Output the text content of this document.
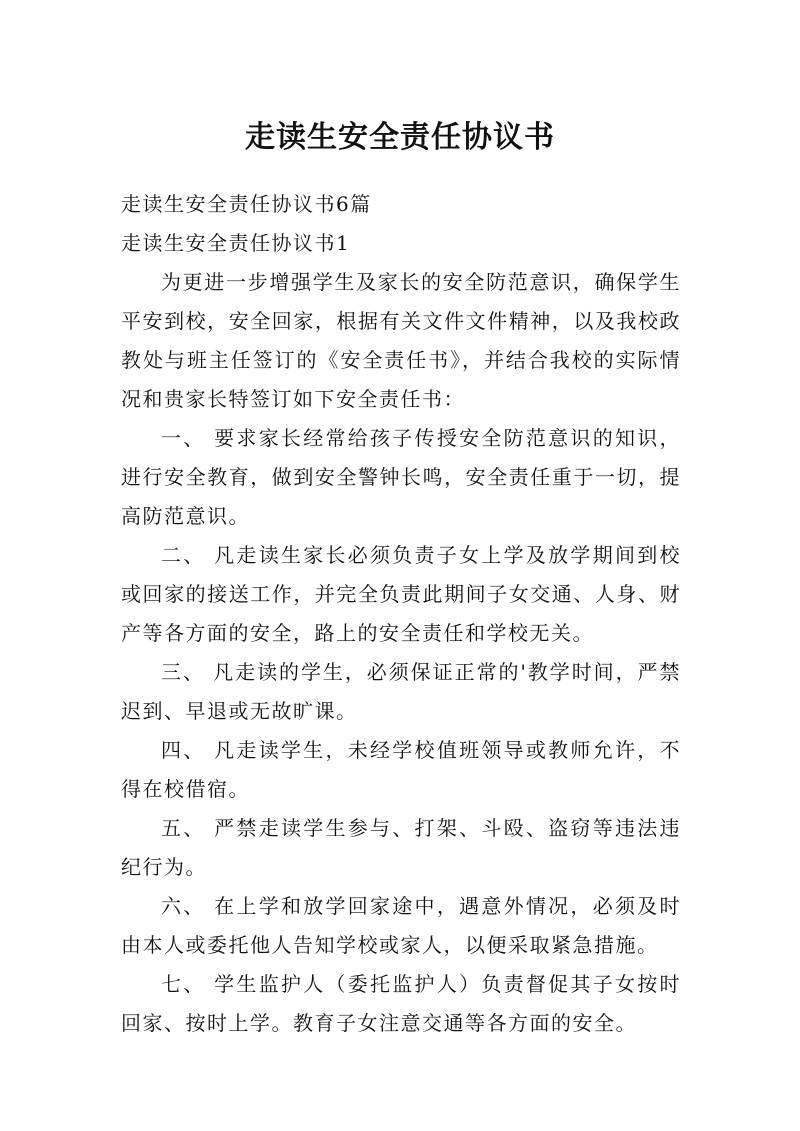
走读生安全责任协议书

走读生安全责任协议书6篇

走读生安全责任协议书1

为更进一步增强学生及家长的安全防范意识，确保学生平安到校，安全回家，根据有关文件文件精神，以及我校政教处与班主任签订的《安全责任书》，并结合我校的实际情况和贵家长特签订如下安全责任书：

一、 要求家长经常给孩子传授安全防范意识的知识，进行安全教育，做到安全警钟长鸣，安全责任重于一切，提高防范意识。

二、 凡走读生家长必须负责子女上学及放学期间到校或回家的接送工作，并完全负责此期间子女交通、人身、财产等各方面的安全，路上的安全责任和学校无关。

三、 凡走读的学生，必须保证正常的'教学时间，严禁迟到、早退或无故旷课。

四、 凡走读学生，未经学校值班领导或教师允许，不得在校借宿。

五、 严禁走读学生参与、打架、斗殴、盗窃等违法违纪行为。

六、 在上学和放学回家途中，遇意外情况，必须及时由本人或委托他人告知学校或家人，以便采取紧急措施。

七、 学生监护人（委托监护人）负责督促其子女按时回家、按时上学。教育子女注意交通等各方面的安全。
